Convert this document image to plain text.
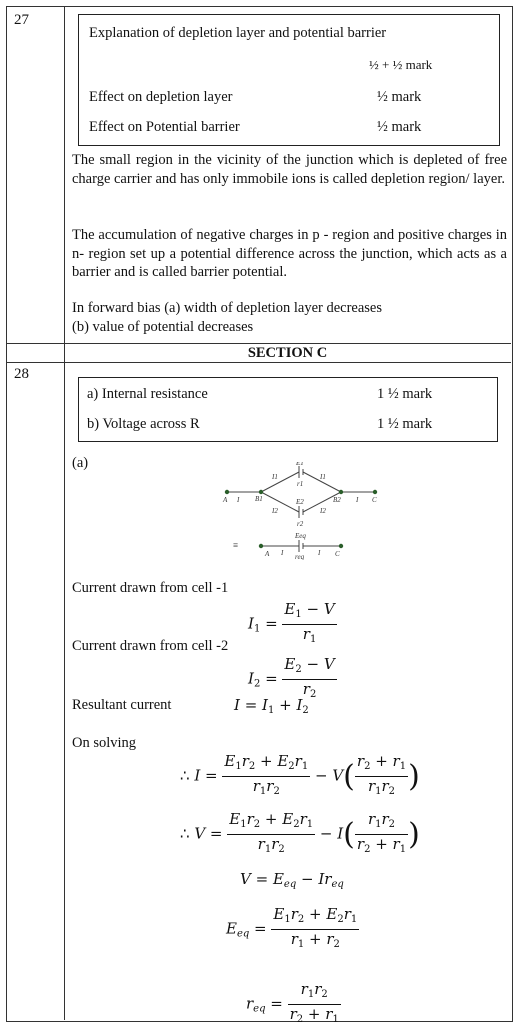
27
Explanation of depletion layer and potential barrier
½ + ½ mark
Effect on depletion layer	½ mark
Effect on Potential barrier	½ mark
The small region in the vicinity of the junction which is depleted of free charge carrier and has only immobile ions is called depletion region/ layer.
The accumulation of negative charges in p - region and positive charges in n- region set up a potential difference across the junction, which acts as a barrier and is called barrier potential.
In forward bias (a) width of depletion layer decreases
(b) value of potential decreases
SECTION C
28
a) Internal resistance	1 ½ mark
b) Voltage across R	1 ½ mark
(a)
A I B1	B2 I C
I1	I1
I2	I2
E1
r1
E2
r2
Eeq
req
A I	I C
≡
Current drawn from cell -1
$I_1 = \frac{E_1 - V}{r_1}$
Current drawn from cell -2
$I_2 = \frac{E_2 - V}{r_2}$
Resultant current	$I = I_1 + I_2$
On solving
∴ $I = \frac{E_1r_2 + E_2r_1}{r_1r_2} - V( \frac{r_2 + r_1}{r_1r_2}$ )
∴ $V = \frac{E_1r_2 + E_2r_1}{r_1r_2} - I( \frac{r_1r_2}{r_2 + r_1}$ )
$V = E_{eq} - Ir_{eq}$
$E_{eq} = \frac{E_1r_2 + E_2r_1}{r_1 + r_2}$
$r_{eq} = \frac{r_1r_2}{r_2 + r_1}$
